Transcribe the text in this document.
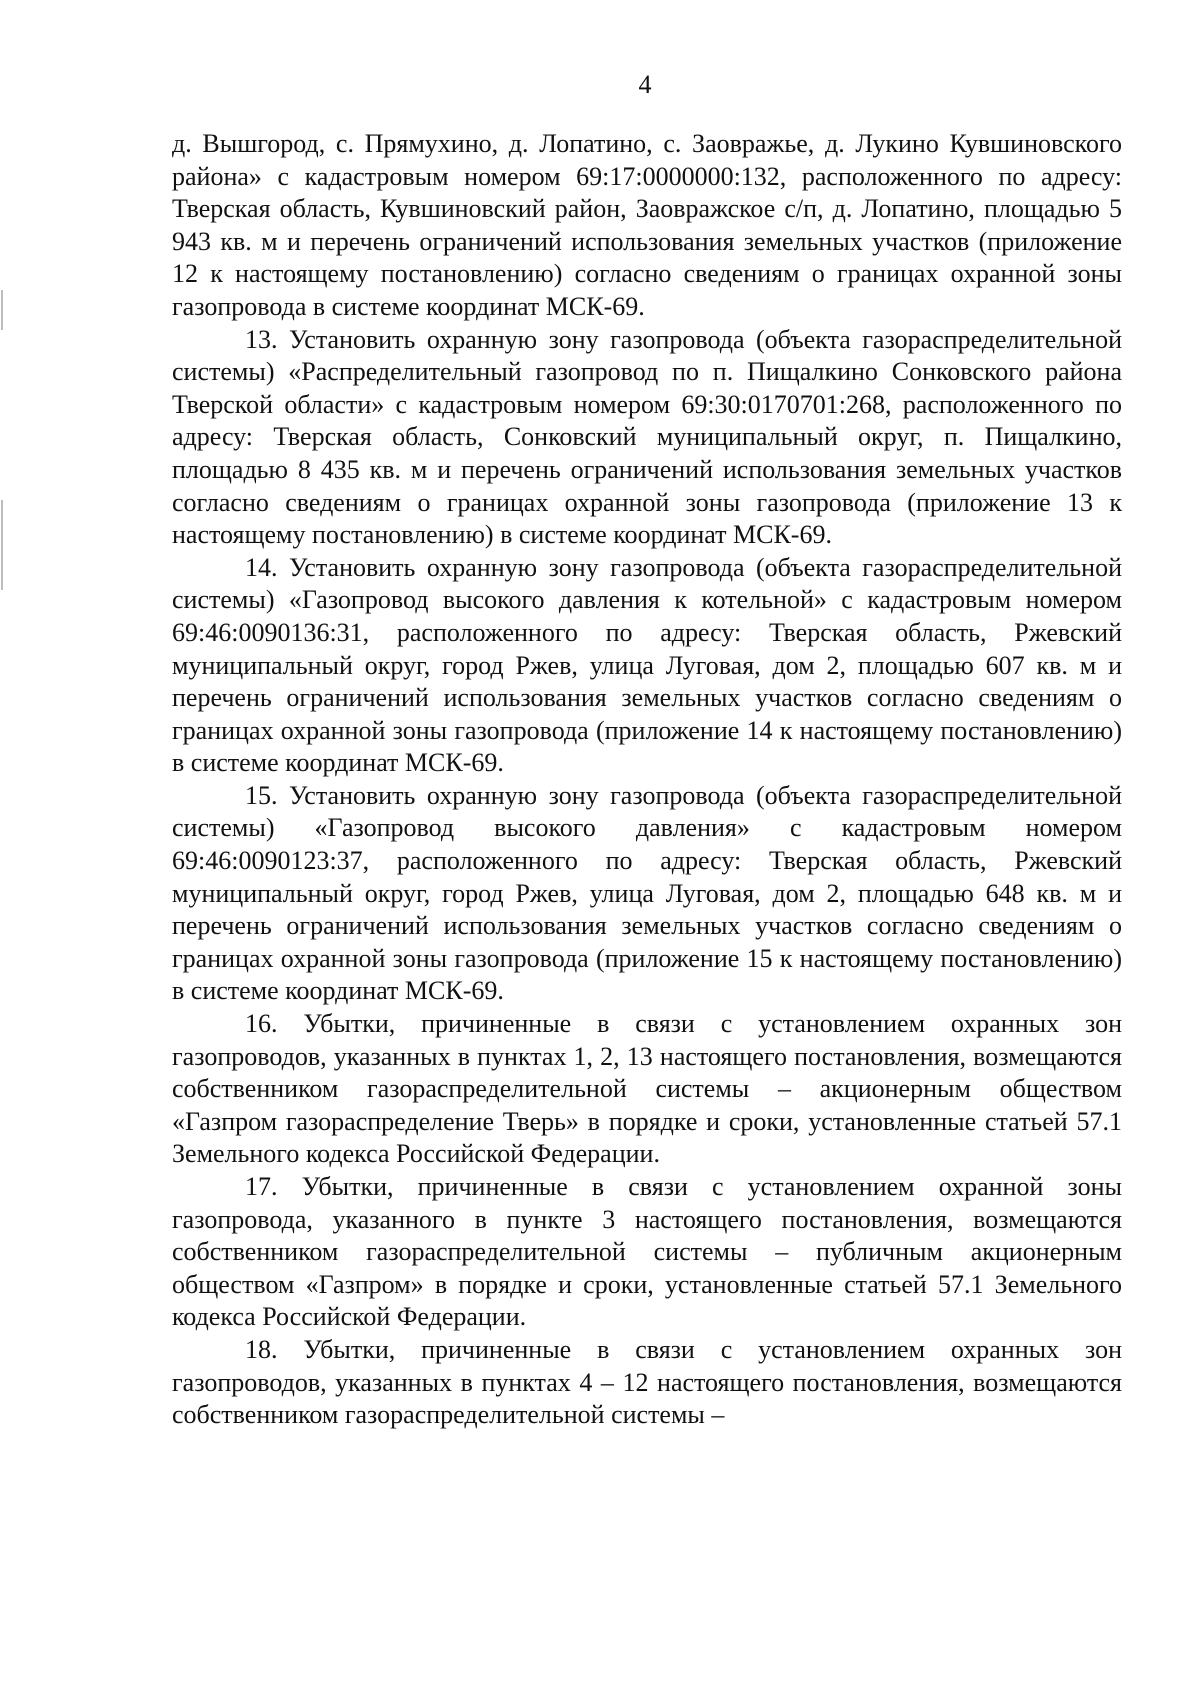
4

д. Вышгород, с. Прямухино, д. Лопатино, с. Заовражье, д. Лукино Кувшиновского района» с кадастровым номером 69:17:0000000:132, расположенного по адресу: Тверская область, Кувшиновский район, Заовражское с/п, д. Лопатино, площадью 5 943 кв. м и перечень ограничений использования земельных участков (приложение 12 к настоящему постановлению) согласно сведениям о границах охранной зоны газопровода в системе координат МСК-69.

13. Установить охранную зону газопровода (объекта газораспределительной системы) «Распределительный газопровод по п. Пищалкино Сонковского района Тверской области» с кадастровым номером 69:30:0170701:268, расположенного по адресу: Тверская область, Сонковский муниципальный округ, п. Пищалкино, площадью 8 435 кв. м и перечень ограничений использования земельных участков согласно сведениям о границах охранной зоны газопровода (приложение 13 к настоящему постановлению) в системе координат МСК-69.

14. Установить охранную зону газопровода (объекта газораспределительной системы) «Газопровод высокого давления к котельной» с кадастровым номером 69:46:0090136:31, расположенного по адресу: Тверская область, Ржевский муниципальный округ, город Ржев, улица Луговая, дом 2, площадью 607 кв. м и перечень ограничений использования земельных участков согласно сведениям о границах охранной зоны газопровода (приложение 14 к настоящему постановлению) в системе координат МСК-69.

15. Установить охранную зону газопровода (объекта газораспределительной системы) «Газопровод высокого давления» с кадастровым номером 69:46:0090123:37, расположенного по адресу: Тверская область, Ржевский муниципальный округ, город Ржев, улица Луговая, дом 2, площадью 648 кв. м и перечень ограничений использования земельных участков согласно сведениям о границах охранной зоны газопровода (приложение 15 к настоящему постановлению) в системе координат МСК-69.

16. Убытки, причиненные в связи с установлением охранных зон газопроводов, указанных в пунктах 1, 2, 13 настоящего постановления, возмещаются собственником газораспределительной системы – акционерным обществом «Газпром газораспределение Тверь» в порядке и сроки, установленные статьей 57.1 Земельного кодекса Российской Федерации.

17. Убытки, причиненные в связи с установлением охранной зоны газопровода, указанного в пункте 3 настоящего постановления, возмещаются собственником газораспределительной системы – публичным акционерным обществом «Газпром» в порядке и сроки, установленные статьей 57.1 Земельного кодекса Российской Федерации.

18. Убытки, причиненные в связи с установлением охранных зон газопроводов, указанных в пунктах 4 – 12 настоящего постановления, возмещаются собственником газораспределительной системы –
